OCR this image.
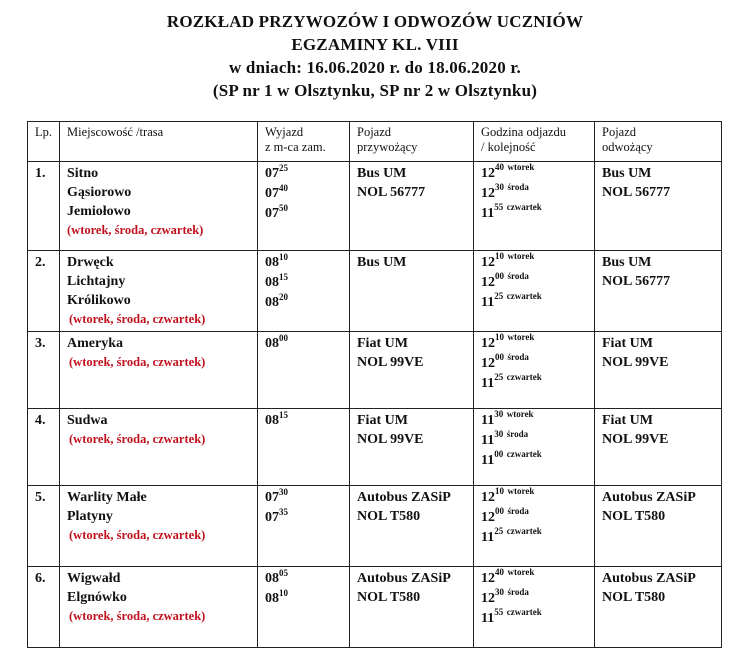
ROZKŁAD PRZYWOZÓW I ODWOZÓW UCZNIÓW
EGZAMINY KL. VIII
w dniach: 16.06.2020 r. do 18.06.2020 r.
(SP nr 1 w Olsztynku, SP nr 2 w Olsztynku)
Lp.	Miejscowość /trasa	Wyjazd
z m-ca zam.	Pojazd
przywożący	Godzina odjazdu
/ kolejność	Pojazd
odwożący

1.	Sitno
Gąsiorowo
Jemiołowo
(wtorek, środa, czwartek)	$07^{25}$
$07^{40}$
$07^{50}$	Bus UM
NOL 56777	$12^{40}$ $^{wtorek}$
$12^{30}$ $^{środa}$
$11^{55}$ $^{czwartek}$	Bus UM
NOL 56777

2.	Drwęck
Lichtajny
Królikowo
(wtorek, środa, czwartek)	$08^{10}$
$08^{15}$
$08^{20}$	Bus UM	$12^{10}$ $^{wtorek}$
$12^{00}$ $^{środa}$
$11^{25}$ $^{czwartek}$	Bus UM
NOL 56777

3.	Ameryka
(wtorek, środa, czwartek)	$08^{00}$	Fiat UM
NOL 99VE	$12^{10}$ $^{wtorek}$
$12^{00}$ $^{środa}$
$11^{25}$ $^{czwartek}$	Fiat UM
NOL 99VE

4.	Sudwa
(wtorek, środa, czwartek)	$08^{15}$	Fiat UM
NOL 99VE	$11^{30}$ $^{wtorek}$
$11^{30}$ $^{środa}$
$11^{00}$ $^{czwartek}$	Fiat UM
NOL 99VE

5.	Warlity Małe
Platyny
(wtorek, środa, czwartek)	$07^{30}$
$07^{35}$	Autobus ZASiP
NOL T580	$12^{10}$ $^{wtorek}$
$12^{00}$ $^{środa}$
$11^{25}$ $^{czwartek}$	Autobus ZASiP
NOL T580

6.	Wigwałd
Elgnówko
(wtorek, środa, czwartek)	$08^{05}$
$08^{10}$	Autobus ZASiP
NOL T580	$12^{40}$ $^{wtorek}$
$12^{30}$ $^{środa}$
$11^{55}$ $^{czwartek}$	Autobus ZASiP
NOL T580
